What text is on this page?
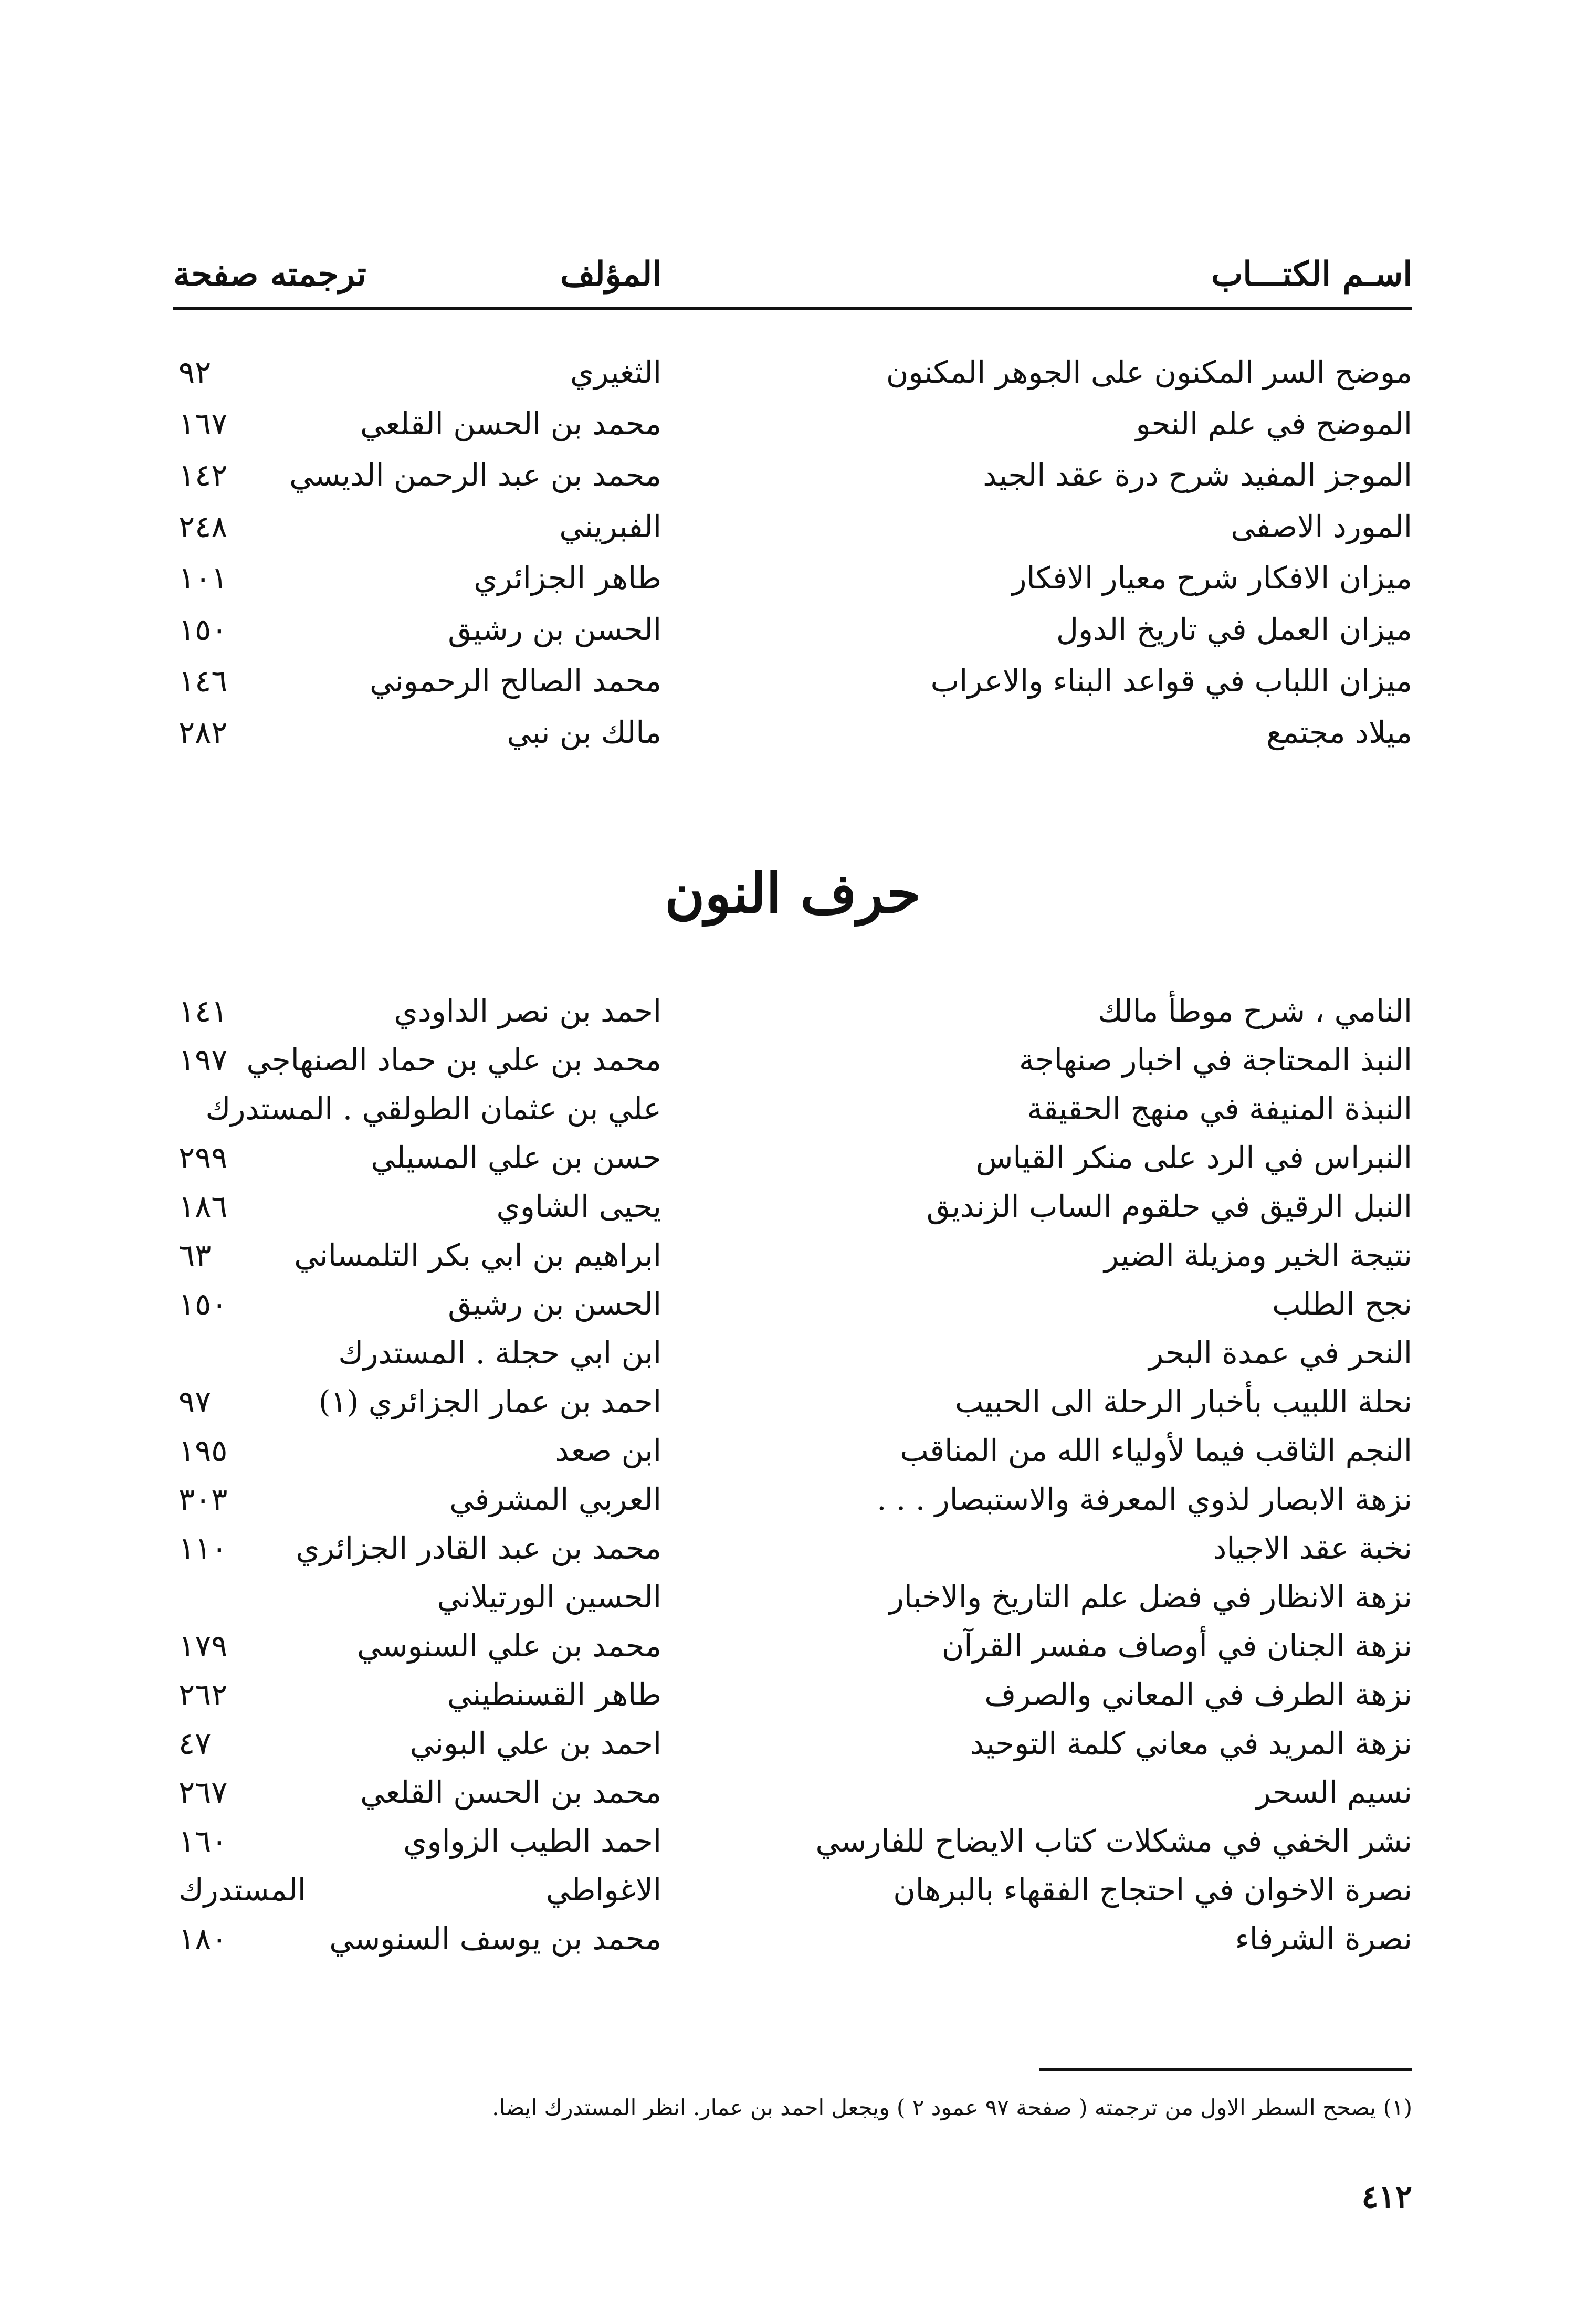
اسـم الكتـــاب
المؤلف
ترجمته صفحة
موضح السر المكنون على الجوهر المكنون
الثغيري
٩٢
الموضح في علم النحو
محمد بن الحسن القلعي
١٦٧
الموجز المفيد شرح درة عقد الجيد
محمد بن عبد الرحمن الديسي
١٤٢
المورد الاصفى
الفبريني
٢٤٨
ميزان الافكار شرح معيار الافكار
طاهر الجزائري
١٠١
ميزان العمل في تاريخ الدول
الحسن بن رشيق
١٥٠
ميزان اللباب في قواعد البناء والاعراب
محمد الصالح الرحموني
١٤٦
ميلاد مجتمع
مالك بن نبي
٢٨٢
حرف النون
النامي ، شرح موطأ مالك
احمد بن نصر الداودي
١٤١
النبذ المحتاجة في اخبار صنهاجة
محمد بن علي بن حماد الصنهاجي
١٩٧
النبذة المنيفة في منهج الحقيقة
علي بن عثمان الطولقي . المستدرك
النبراس في الرد على منكر القياس
حسن بن علي المسيلي
٢٩٩
النبل الرقيق في حلقوم الساب الزنديق
يحيى الشاوي
١٨٦
نتيجة الخير ومزيلة الضير
ابراهيم بن ابي بكر التلمساني
٦٣
نجح الطلب
الحسن بن رشيق
١٥٠
النحر في عمدة البحر
ابن ابي حجلة . المستدرك
نحلة اللبيب بأخبار الرحلة الى الحبيب
احمد بن عمار الجزائري (١)
٩٧
النجم الثاقب فيما لأولياء الله من المناقب
ابن صعد
١٩٥
نزهة الابصار لذوي المعرفة والاستبصار . . .
العربي المشرفي
٣٠٣
نخبة عقد الاجياد
محمد بن عبد القادر الجزائري
١١٠
نزهة الانظار في فضل علم التاريخ والاخبار
الحسين الورتيلاني
نزهة الجنان في أوصاف مفسر القرآن
محمد بن علي السنوسي
١٧٩
نزهة الطرف في المعاني والصرف
طاهر القسنطيني
٢٦٢
نزهة المريد في معاني كلمة التوحيد
احمد بن علي البوني
٤٧
نسيم السحر
محمد بن الحسن القلعي
٢٦٧
نشر الخفي في مشكلات كتاب الايضاح للفارسي
احمد الطيب الزواوي
١٦٠
نصرة الاخوان في احتجاج الفقهاء بالبرهان
الاغواطي
المستدرك
نصرة الشرفاء
محمد بن يوسف السنوسي
١٨٠
(١) يصحح السطر الاول من ترجمته ( صفحة ٩٧ عمود ٢ ) ويجعل احمد بن عمار. انظر المستدرك ايضا.
٤١٢
